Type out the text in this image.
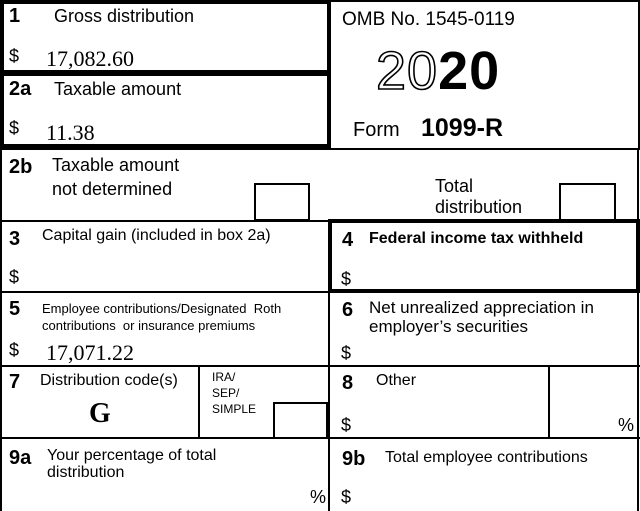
OMB No. 1545-0119
2020
Form 1099-R
1 Gross distribution
$ 17,082.60
2a Taxable amount
$ 11.38
2b Taxable amount
not determined	Total
distribution
3 Capital gain (included in box 2a)
$
4 Federal income tax withheld
$
5 Employee contributions/Designated  Roth
contributions  or insurance premiums
$ 17,071.22
6 Net unrealized appreciation in
employer’s securities
$
7 Distribution code(s)
G
IRA/
SEP/
SIMPLE
8 Other
$	%
9a Your percentage of total
distribution
%
9b Total employee contributions
$
